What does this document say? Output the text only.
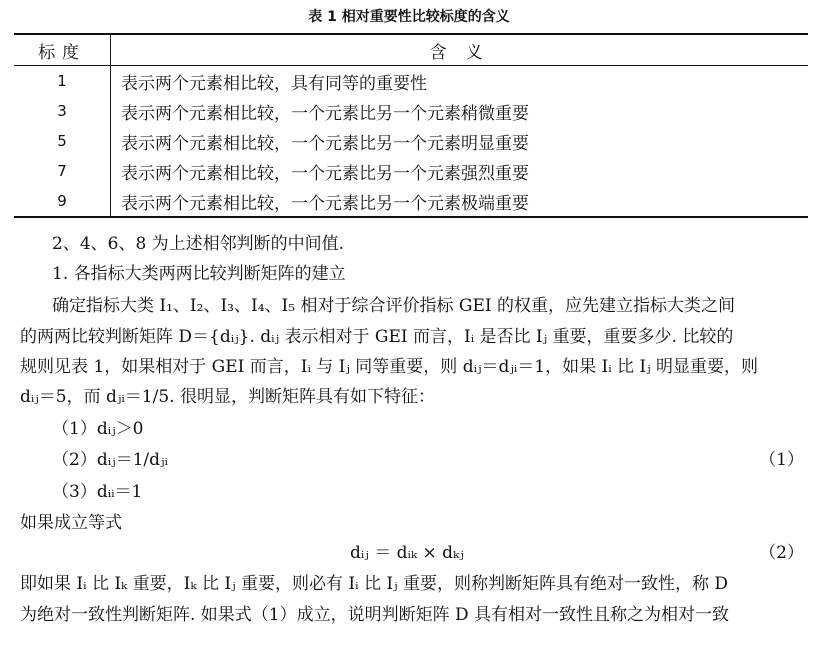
表 1 相对重要性比较标度的含义
标度	含 义
1	表示两个元素相比较，具有同等的重要性
3	表示两个元素相比较，一个元素比另一个元素稍微重要
5	表示两个元素相比较，一个元素比另一个元素明显重要
7	表示两个元素相比较，一个元素比另一个元素强烈重要
9	表示两个元素相比较，一个元素比另一个元素极端重要
2、4、6、8 为上述相邻判断的中间值.
1. 各指标大类两两比较判断矩阵的建立
确定指标大类 I₁、I₂、I₃、I₄、I₅ 相对于综合评价指标 GEI 的权重，应先建立指标大类之间
的两两比较判断矩阵 D＝{dᵢⱼ}. dᵢⱼ 表示相对于 GEI 而言，Iᵢ 是否比 Iⱼ 重要，重要多少. 比较的
规则见表 1，如果相对于 GEI 而言，Iᵢ 与 Iⱼ 同等重要，则 dᵢⱼ＝dⱼᵢ＝1，如果 Iᵢ 比 Iⱼ 明显重要，则
dᵢⱼ＝5，而 dⱼᵢ＝1/5. 很明显，判断矩阵具有如下特征：
（1）dᵢⱼ＞0
（2）dᵢⱼ＝1/dⱼᵢ	（1）
（3）dᵢᵢ＝1
如果成立等式
dᵢⱼ ＝ dᵢₖ × dₖⱼ	（2）
即如果 Iᵢ 比 Iₖ 重要，Iₖ 比 Iⱼ 重要，则必有 Iᵢ 比 Iⱼ 重要，则称判断矩阵具有绝对一致性，称 D
为绝对一致性判断矩阵. 如果式（1）成立，说明判断矩阵 D 具有相对一致性且称之为相对一致
